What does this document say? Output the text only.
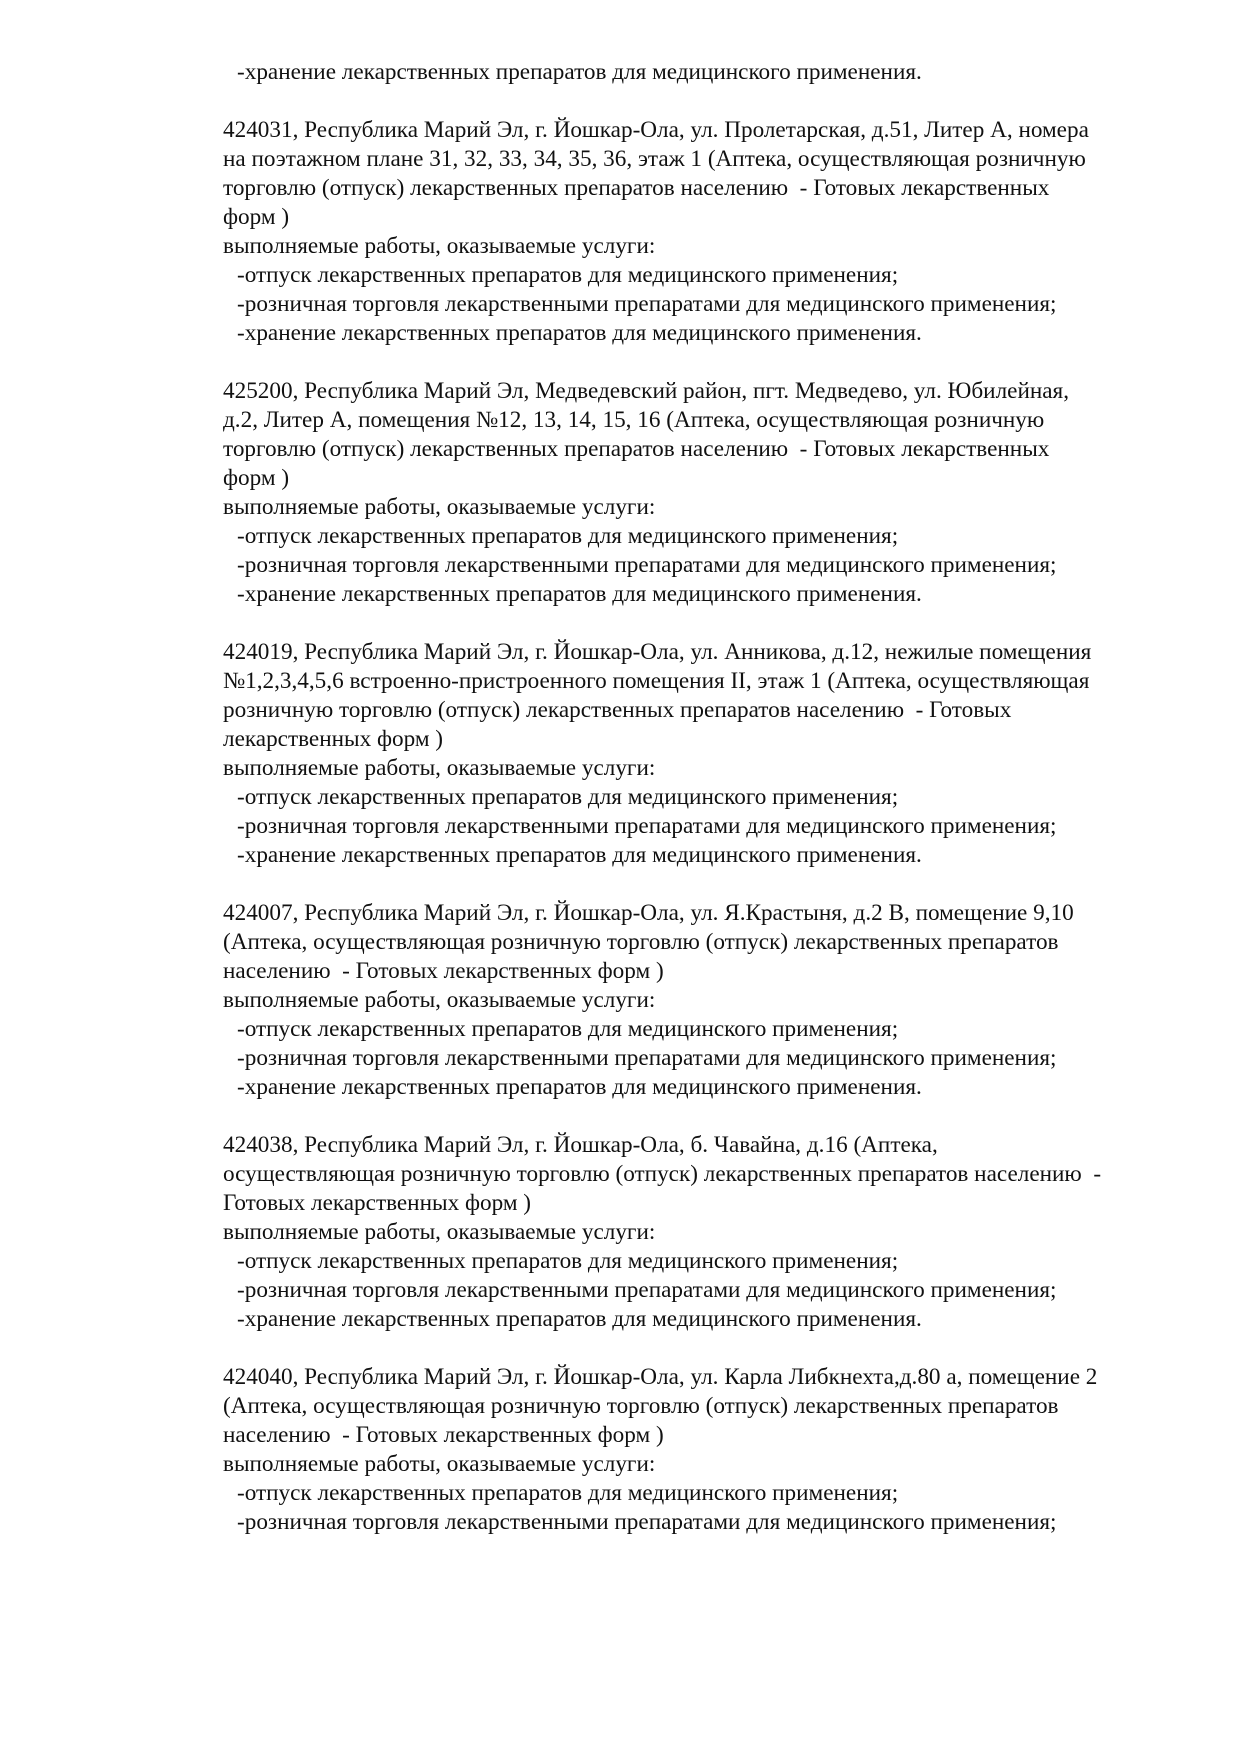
-хранение лекарственных препаратов для медицинского применения.
424031, Республика Марий Эл, г. Йошкар-Ола, ул. Пролетарская, д.51, Литер А, номера
на поэтажном плане 31, 32, 33, 34, 35, 36, этаж 1 (Аптека, осуществляющая розничную
торговлю (отпуск) лекарственных препаратов населению  - Готовых лекарственных
форм )
выполняемые работы, оказываемые услуги:
-отпуск лекарственных препаратов для медицинского применения;
-розничная торговля лекарственными препаратами для медицинского применения;
-хранение лекарственных препаратов для медицинского применения.
425200, Республика Марий Эл, Медведевский район, пгт. Медведево, ул. Юбилейная,
д.2, Литер А, помещения №12, 13, 14, 15, 16 (Аптека, осуществляющая розничную
торговлю (отпуск) лекарственных препаратов населению  - Готовых лекарственных
форм )
выполняемые работы, оказываемые услуги:
-отпуск лекарственных препаратов для медицинского применения;
-розничная торговля лекарственными препаратами для медицинского применения;
-хранение лекарственных препаратов для медицинского применения.
424019, Республика Марий Эл, г. Йошкар-Ола, ул. Анникова, д.12, нежилые помещения
№1,2,3,4,5,6 встроенно-пристроенного помещения II, этаж 1 (Аптека, осуществляющая
розничную торговлю (отпуск) лекарственных препаратов населению  - Готовых
лекарственных форм )
выполняемые работы, оказываемые услуги:
-отпуск лекарственных препаратов для медицинского применения;
-розничная торговля лекарственными препаратами для медицинского применения;
-хранение лекарственных препаратов для медицинского применения.
424007, Республика Марий Эл, г. Йошкар-Ола, ул. Я.Крастыня, д.2 В, помещение 9,10
(Аптека, осуществляющая розничную торговлю (отпуск) лекарственных препаратов
населению  - Готовых лекарственных форм )
выполняемые работы, оказываемые услуги:
-отпуск лекарственных препаратов для медицинского применения;
-розничная торговля лекарственными препаратами для медицинского применения;
-хранение лекарственных препаратов для медицинского применения.
424038, Республика Марий Эл, г. Йошкар-Ола, б. Чавайна, д.16 (Аптека,
осуществляющая розничную торговлю (отпуск) лекарственных препаратов населению  -
Готовых лекарственных форм )
выполняемые работы, оказываемые услуги:
-отпуск лекарственных препаратов для медицинского применения;
-розничная торговля лекарственными препаратами для медицинского применения;
-хранение лекарственных препаратов для медицинского применения.
424040, Республика Марий Эл, г. Йошкар-Ола, ул. Карла Либкнехта,д.80 а, помещение 2
(Аптека, осуществляющая розничную торговлю (отпуск) лекарственных препаратов
населению  - Готовых лекарственных форм )
выполняемые работы, оказываемые услуги:
-отпуск лекарственных препаратов для медицинского применения;
-розничная торговля лекарственными препаратами для медицинского применения;
